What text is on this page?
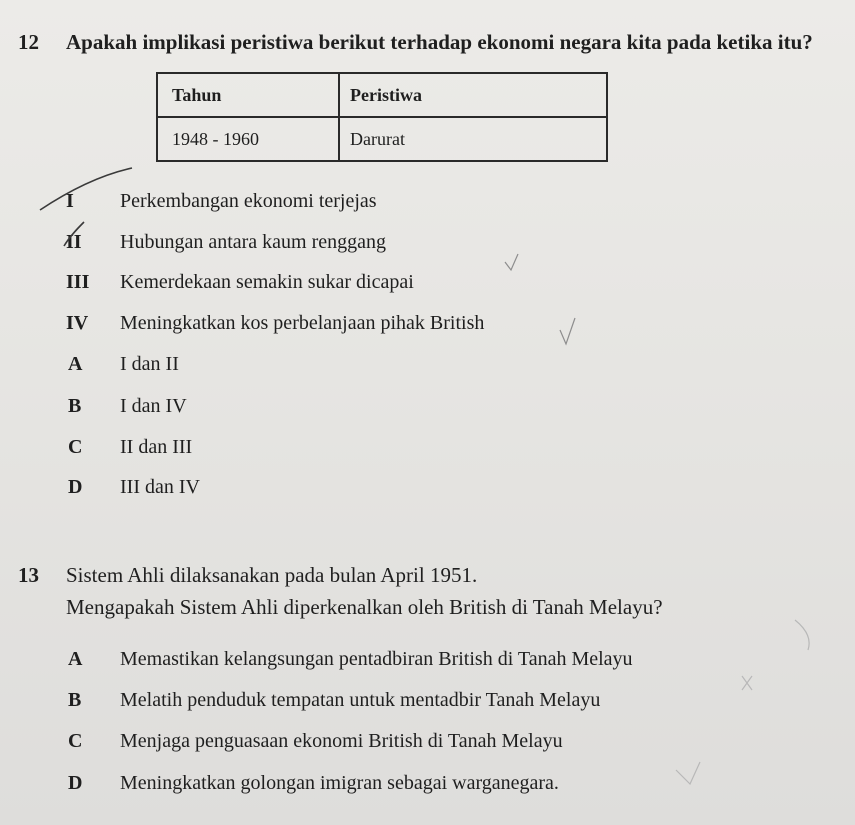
12 Apakah implikasi peristiwa berikut terhadap ekonomi negara kita pada ketika itu?
Tahun	Peristiwa
1948 - 1960	Darurat
I	Perkembangan ekonomi terjejas
II	Hubungan antara kaum renggang
III	Kemerdekaan semakin sukar dicapai
IV	Meningkatkan kos perbelanjaan pihak British
A	I dan II
B	I dan IV
C	II dan III
D	III dan IV
13 Sistem Ahli dilaksanakan pada bulan April 1951.
Mengapakah Sistem Ahli diperkenalkan oleh British di Tanah Melayu?
A	Memastikan kelangsungan pentadbiran British di Tanah Melayu
B	Melatih penduduk tempatan untuk mentadbir Tanah Melayu
C	Menjaga penguasaan ekonomi British di Tanah Melayu
D	Meningkatkan golongan imigran sebagai warganegara.
